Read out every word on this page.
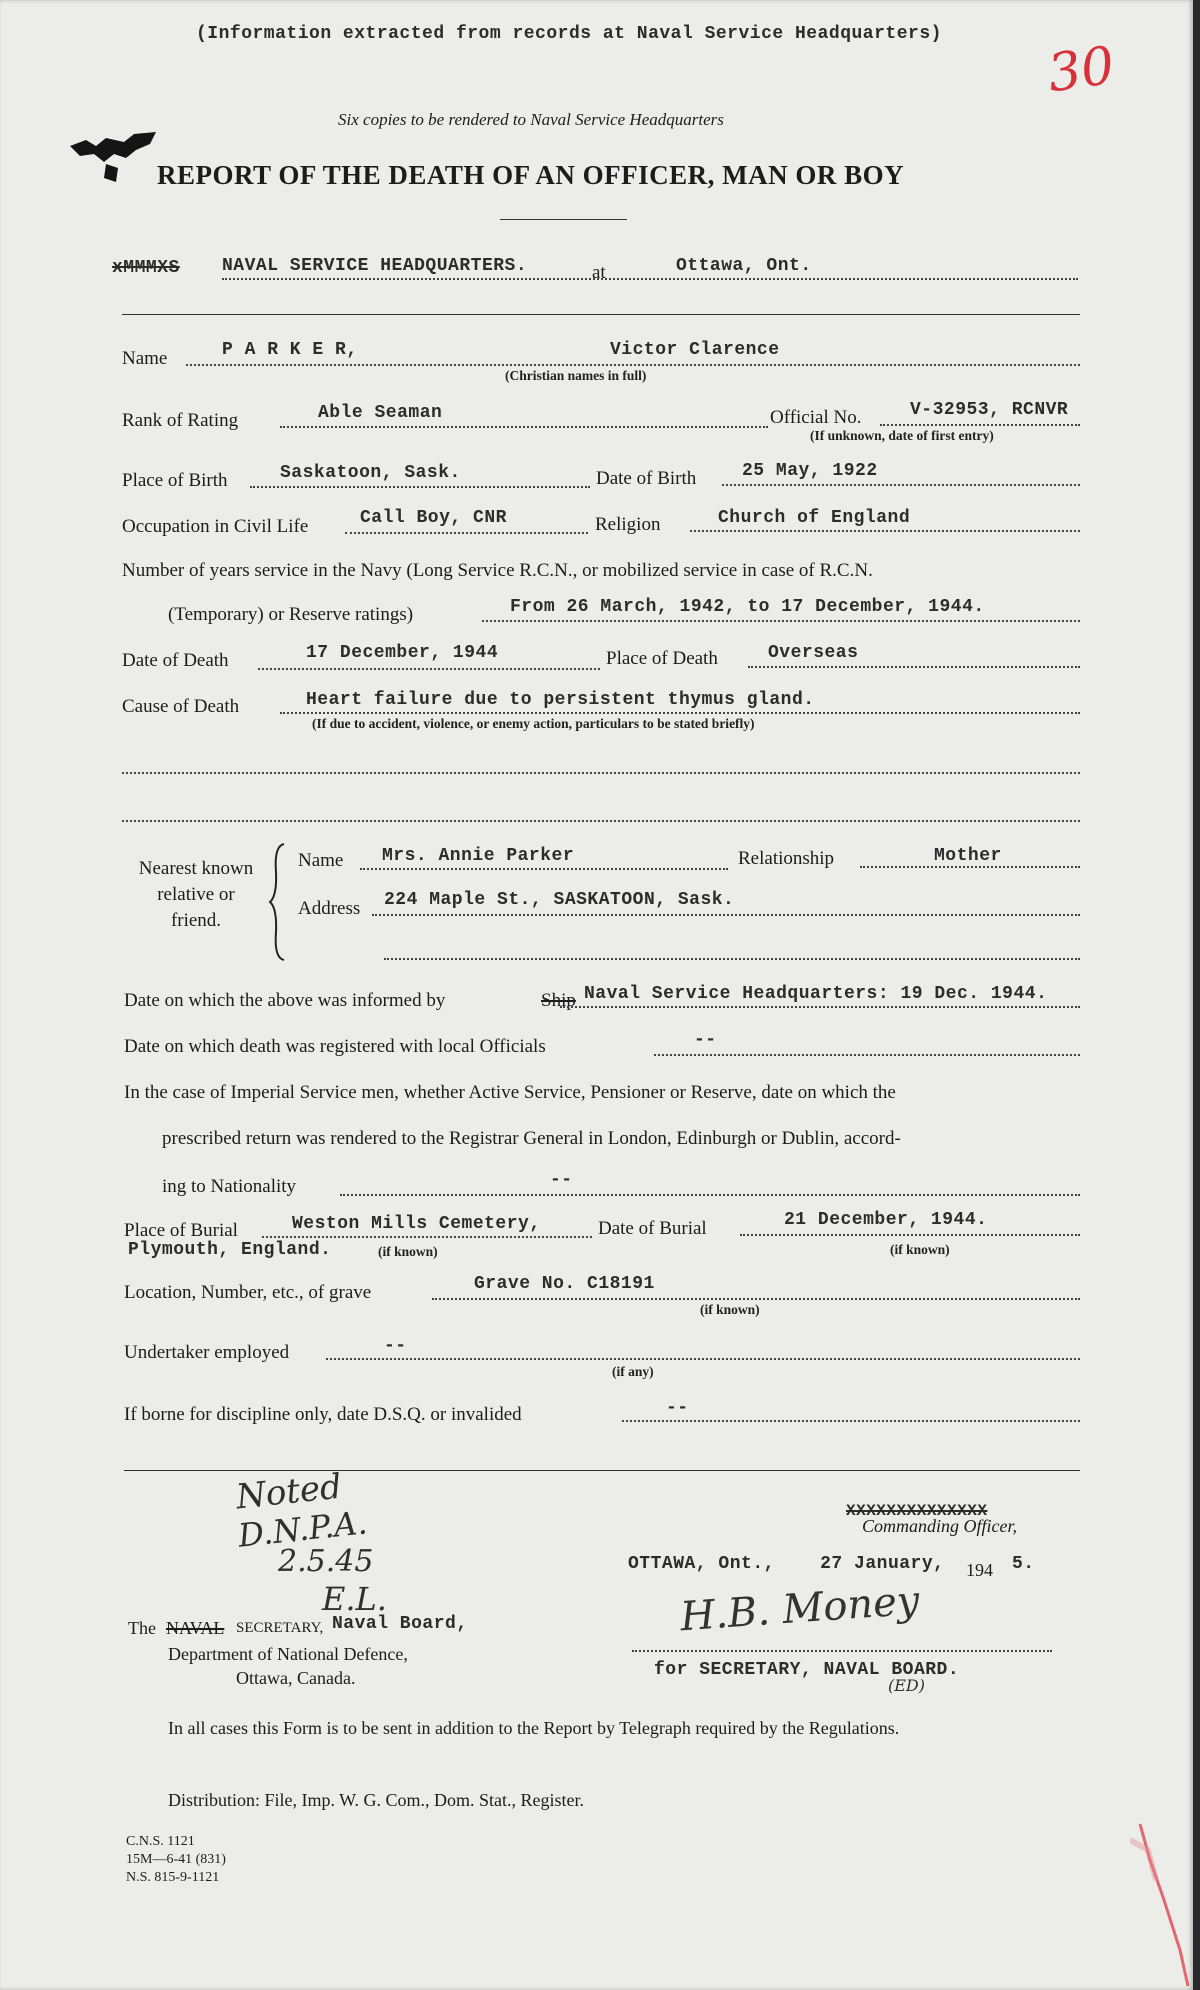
(Information extracted from records at Naval Service Headquarters)
30
Six copies to be rendered to Naval Service Headquarters
REPORT OF THE DEATH OF AN OFFICER, MAN OR BOY
xMMMXS NAVAL SERVICE HEADQUARTERS.	at	Ottawa, Ont.
Name	P A R K E R,	Victor Clarence
(Christian names in full)
Rank of Rating	Able Seaman	Official No.	V-32953, RCNVR
(If unknown, date of first entry)
Place of Birth	Saskatoon, Sask.	Date of Birth	25 May, 1922
Occupation in Civil Life	Call Boy, CNR	Religion	Church of England
Number of years service in the Navy (Long Service R.C.N., or mobilized service in case of R.C.N.
(Temporary) or Reserve ratings)	From 26 March, 1942, to 17 December, 1944.
Date of Death	17 December, 1944	Place of Death	Overseas
Cause of Death	Heart failure due to persistent thymus gland.
(If due to accident, violence, or enemy action, particulars to be stated briefly)
Nearest known
relative or
friend.
Name Mrs. Annie Parker	Relationship	Mother
Address 224 Maple St., SASKATOON, Sask.
Date on which the above was informed by	Ship Naval Service Headquarters: 19 Dec. 1944.
Date on which death was registered with local Officials	--
In the case of Imperial Service men, whether Active Service, Pensioner or Reserve, date on which the
prescribed return was rendered to the Registrar General in London, Edinburgh or Dublin, accord-
ing to Nationality	--
Place of Burial	Weston Mills Cemetery,
Plymouth, England.	(if known)
Date of Burial	21 December, 1944.
(if known)
Location, Number, etc., of grave	Grave No. C18191
(if known)
Undertaker employed	--
(if any)
If borne for discipline only, date D.S.Q. or invalided	--
Noted
D.N.P.A.
2.5.45
E.L.
The NAVAL SECRETARY, Naval Board,
Department of National Defence,
Ottawa, Canada.
XXXXXXXXXXXXXX
Commanding Officer,
OTTAWA, Ont.,    27 January, 194 5.
H.B. Money
for SECRETARY, NAVAL BOARD.
(ED)
In all cases this Form is to be sent in addition to the Report by Telegraph required by the Regulations.
Distribution: File, Imp. W. G. Com., Dom. Stat., Register.
C.N.S. 1121
15M—6-41 (831)
N.S. 815-9-1121
